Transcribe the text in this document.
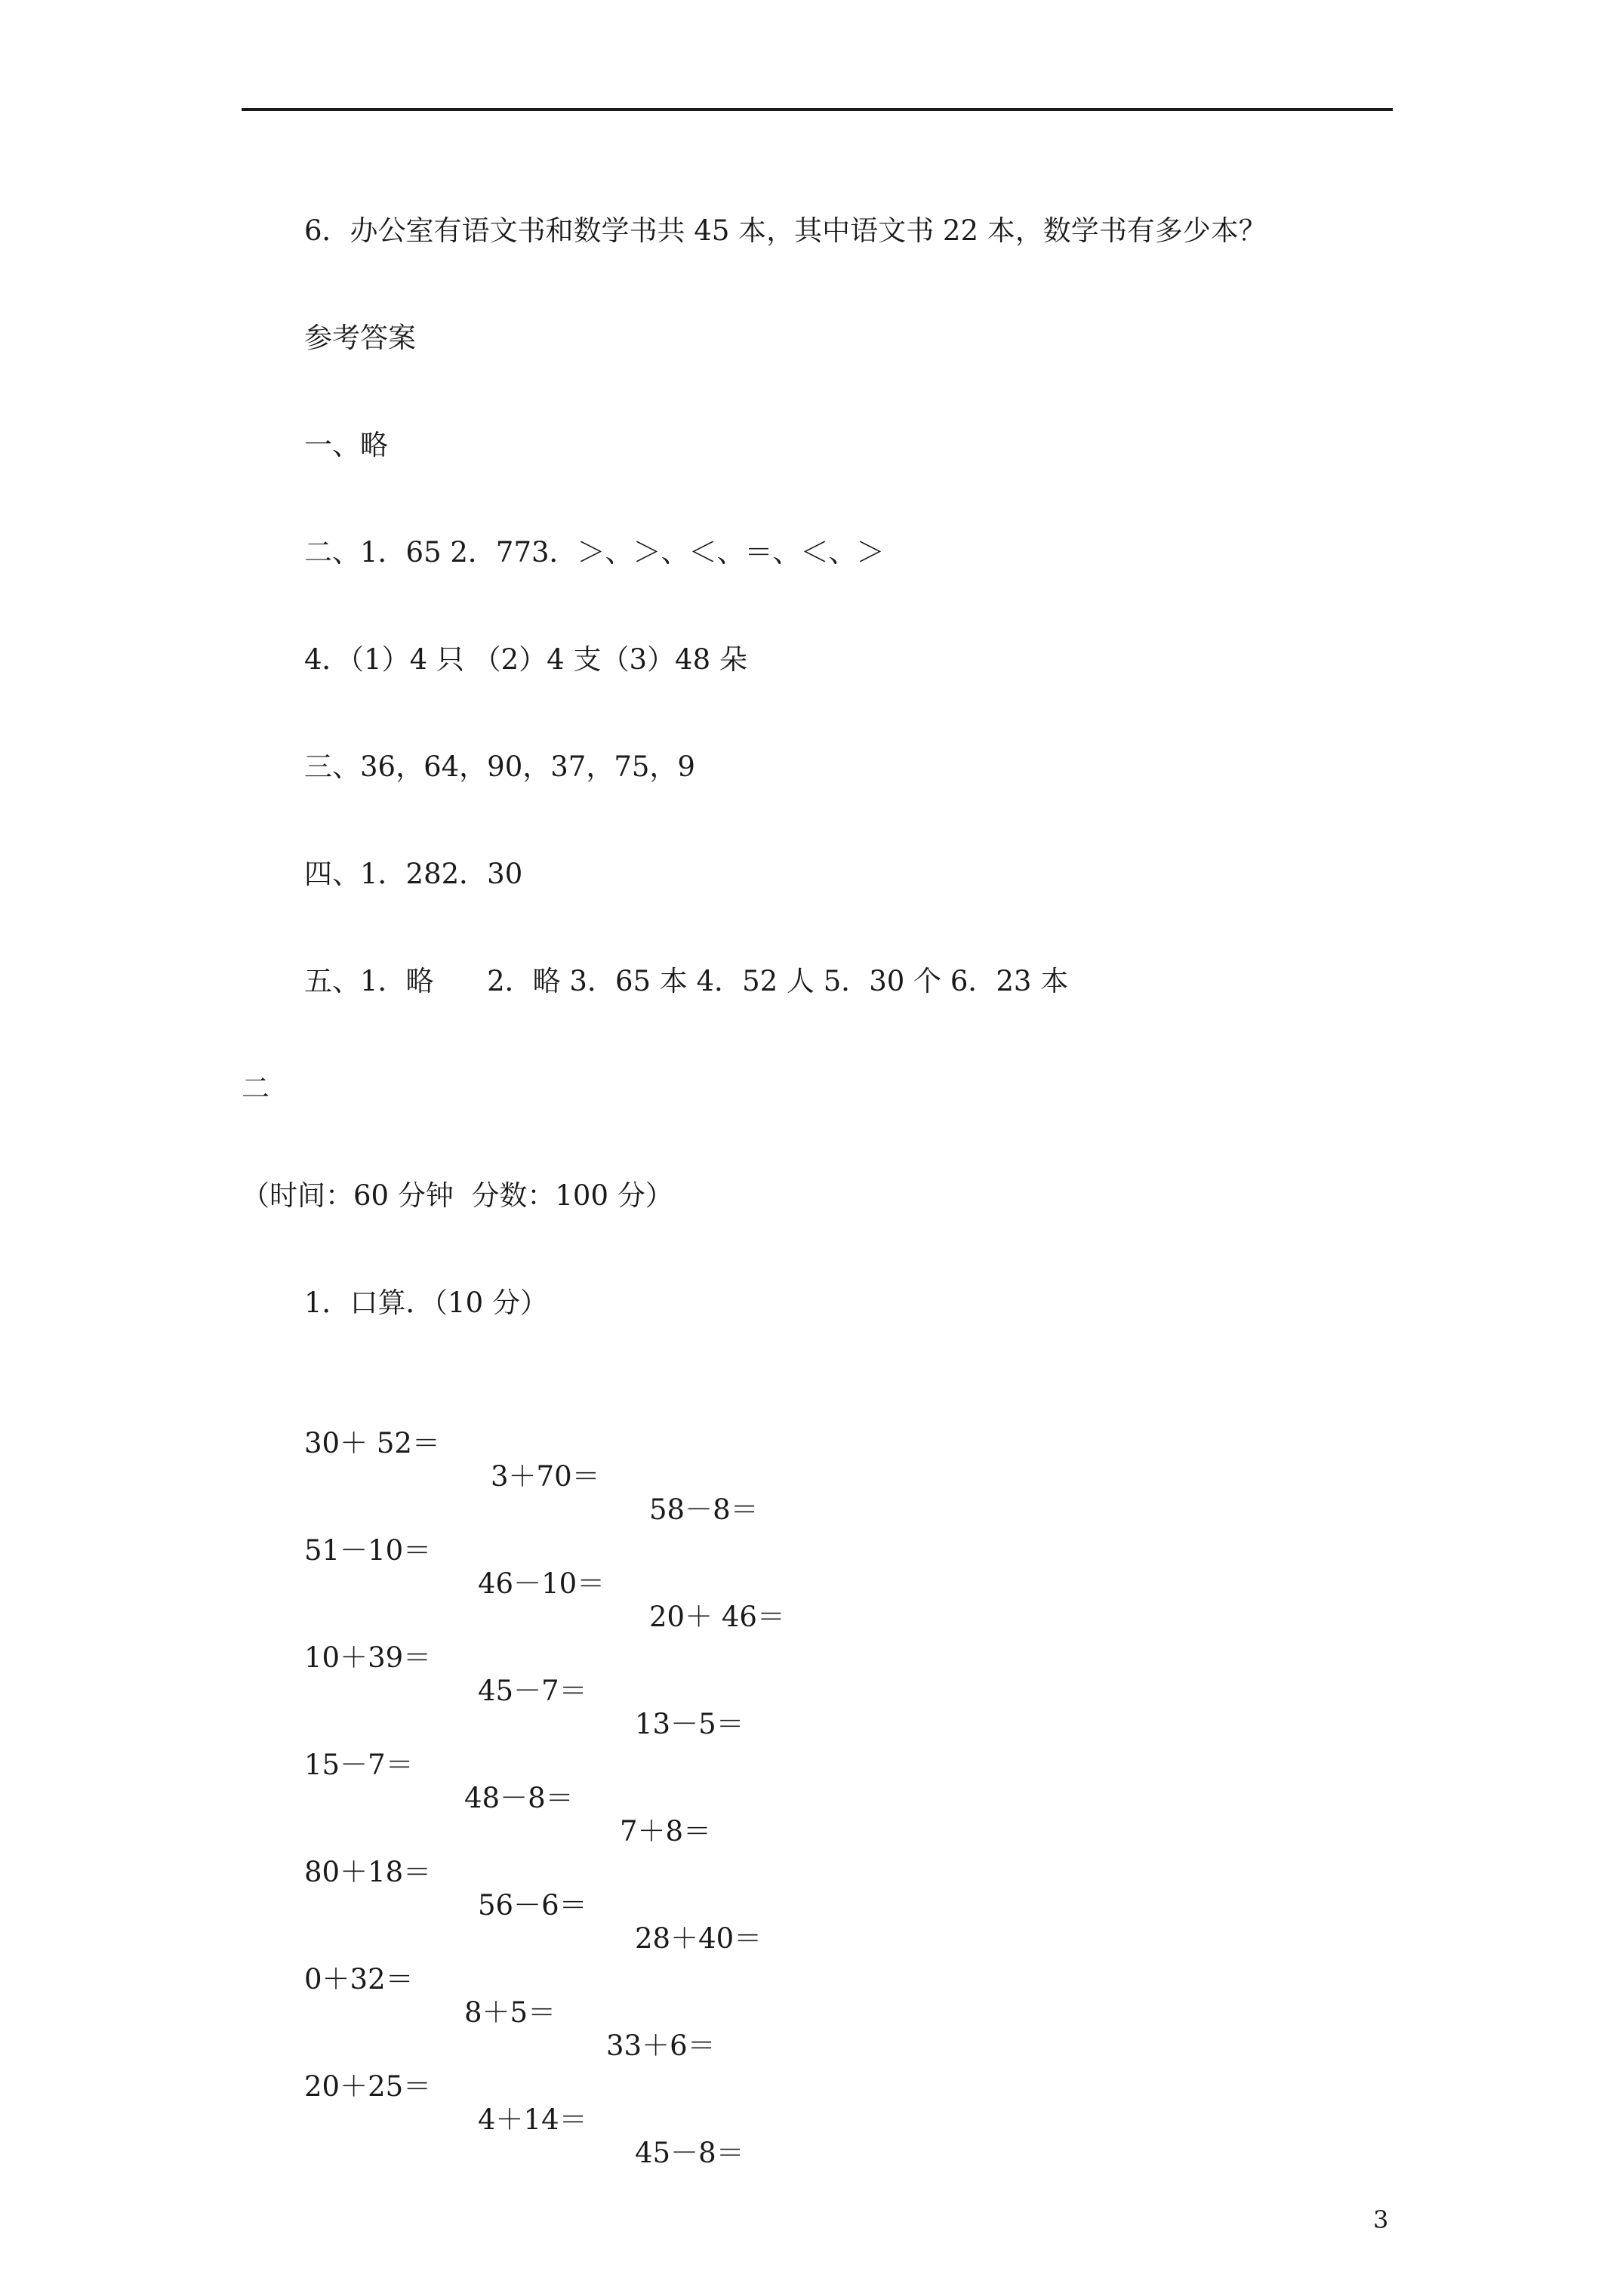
6．办公室有语文书和数学书共 45 本，其中语文书 22 本，数学书有多少本？
参考答案
一、略
二、1．65 2．773．＞、＞、＜、＝、＜、＞
4．（1）4 只 （2）4 支（3）48 朵
三、36，64，90，37，75，9
四、1．282．30
五、1．略      2．略 3．65 本 4．52 人 5．30 个 6．23 本
二
（时间：60 分钟  分数：100 分）
1．口算．（10 分）

30＋ 52＝

3＋70＝

58－8＝

51－10＝

46－10＝

20＋ 46＝

10＋39＝

45－7＝

13－5＝

15－7＝

48－8＝

7＋8＝

80＋18＝

56－6＝

28＋40＝

0＋32＝

8＋5＝

33＋6＝

20＋25＝

4＋14＝

45－8＝

3
